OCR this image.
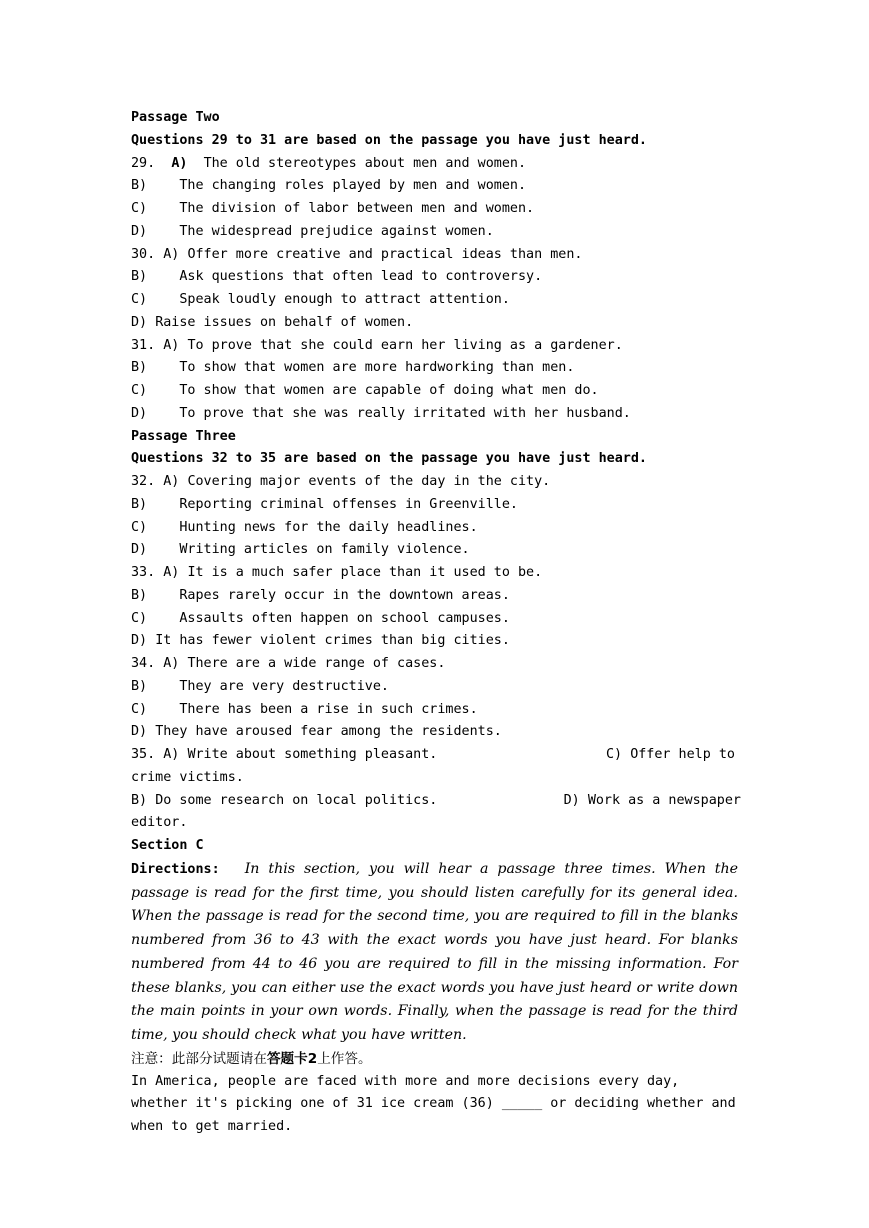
Passage Two
Questions 29 to 31 are based on the passage you have just heard.
29. A) The old stereotypes about men and women.
B) The changing roles played by men and women.
C) The division of labor between men and women.
D) The widespread prejudice against women.
30. A) Offer more creative and practical ideas than men.
B) Ask questions that often lead to controversy.
C) Speak loudly enough to attract attention.
D) Raise issues on behalf of women.
31. A) To prove that she could earn her living as a gardener.
B) To show that women are more hardworking than men.
C) To show that women are capable of doing what men do.
D) To prove that she was really irritated with her husband.
Passage Three
Questions 32 to 35 are based on the passage you have just heard.
32. A) Covering major events of the day in the city.
B) Reporting criminal offenses in Greenville.
C) Hunting news for the daily headlines.
D) Writing articles on family violence.
33. A) It is a much safer place than it used to be.
B) Rapes rarely occur in the downtown areas.
C) Assaults often happen on school campuses.
D) It has fewer violent crimes than big cities.
34. A) There are a wide range of cases.
B) They are very destructive.
C) There has been a rise in such crimes.
D) They have aroused fear among the residents.
35. A) Write about something pleasant.	C) Offer help to
crime victims.
B) Do some research on local politics.	D) Work as a newspaper
editor.
Section C
Directions: In this section, you will hear a passage three times. When the passage is read for the first time, you should listen carefully for its general idea. When the passage is read for the second time, you are required to fill in the blanks numbered from 36 to 43 with the exact words you have just heard. For blanks numbered from 44 to 46 you are required to fill in the missing information. For these blanks, you can either use the exact words you have just heard or write down the main points in your own words. Finally, when the passage is read for the third time, you should check what you have written.
注意：此部分试题请在答题卡2上作答。
In America, people are faced with more and more decisions every day, whether it's picking one of 31 ice cream (36) _____ or deciding whether and when to get married.
